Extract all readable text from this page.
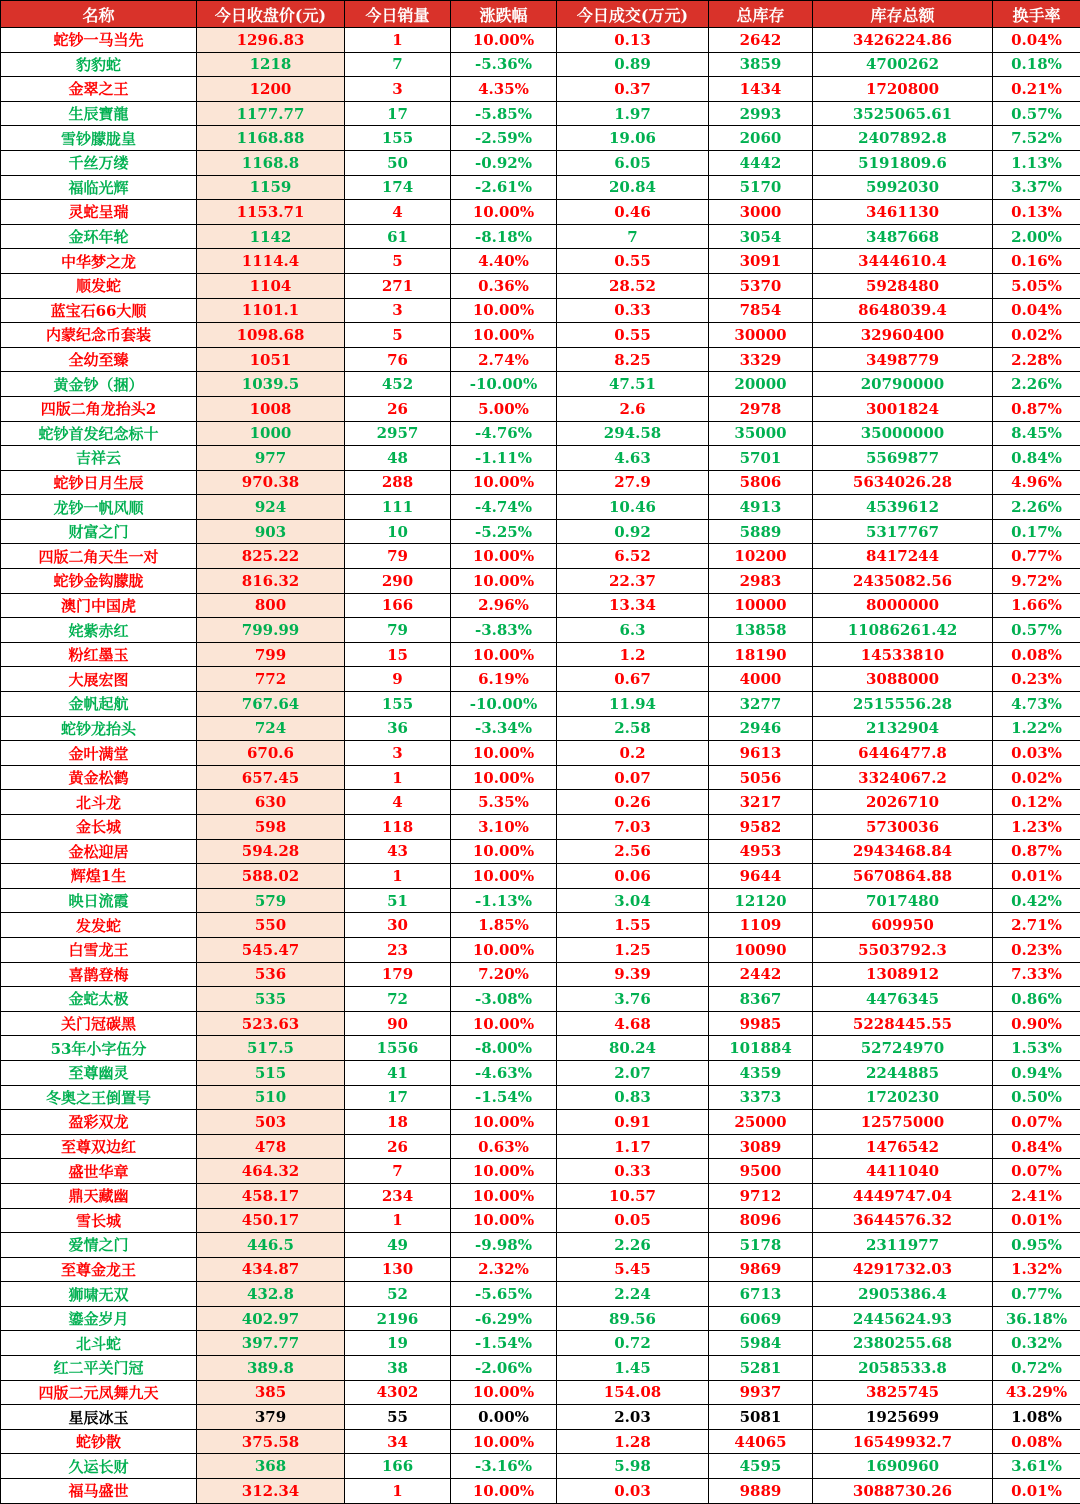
名称	今日收盘价(元)	今日销量	涨跌幅	今日成交(万元)	总库存	库存总额	换手率
蛇钞一马当先	1296.83	1	10.00%	0.13	2642	3426224.86	0.04%
豹豹蛇	1218	7	-5.36%	0.89	3859	4700262	0.18%
金翠之王	1200	3	4.35%	0.37	1434	1720800	0.21%
生辰寶龍	1177.77	17	-5.85%	1.97	2993	3525065.61	0.57%
雪钞朦胧皇	1168.88	155	-2.59%	19.06	2060	2407892.8	7.52%
千丝万缕	1168.8	50	-0.92%	6.05	4442	5191809.6	1.13%
福临光辉	1159	174	-2.61%	20.84	5170	5992030	3.37%
灵蛇呈瑞	1153.71	4	10.00%	0.46	3000	3461130	0.13%
金环年轮	1142	61	-8.18%	7	3054	3487668	2.00%
中华梦之龙	1114.4	5	4.40%	0.55	3091	3444610.4	0.16%
顺发蛇	1104	271	0.36%	28.52	5370	5928480	5.05%
蓝宝石66大顺	1101.1	3	10.00%	0.33	7854	8648039.4	0.04%
内蒙纪念币套装	1098.68	5	10.00%	0.55	30000	32960400	0.02%
全幼至臻	1051	76	2.74%	8.25	3329	3498779	2.28%
黄金钞（捆）	1039.5	452	-10.00%	47.51	20000	20790000	2.26%
四版二角龙抬头2	1008	26	5.00%	2.6	2978	3001824	0.87%
蛇钞首发纪念标十	1000	2957	-4.76%	294.58	35000	35000000	8.45%
吉祥云	977	48	-1.11%	4.63	5701	5569877	0.84%
蛇钞日月生辰	970.38	288	10.00%	27.9	5806	5634026.28	4.96%
龙钞一帆风顺	924	111	-4.74%	10.46	4913	4539612	2.26%
财富之门	903	10	-5.25%	0.92	5889	5317767	0.17%
四版二角天生一对	825.22	79	10.00%	6.52	10200	8417244	0.77%
蛇钞金钩朦胧	816.32	290	10.00%	22.37	2983	2435082.56	9.72%
澳门中国虎	800	166	2.96%	13.34	10000	8000000	1.66%
姹紫赤红	799.99	79	-3.83%	6.3	13858	11086261.42	0.57%
粉红墨玉	799	15	10.00%	1.2	18190	14533810	0.08%
大展宏图	772	9	6.19%	0.67	4000	3088000	0.23%
金帆起航	767.64	155	-10.00%	11.94	3277	2515556.28	4.73%
蛇钞龙抬头	724	36	-3.34%	2.58	2946	2132904	1.22%
金叶满堂	670.6	3	10.00%	0.2	9613	6446477.8	0.03%
黄金松鹤	657.45	1	10.00%	0.07	5056	3324067.2	0.02%
北斗龙	630	4	5.35%	0.26	3217	2026710	0.12%
金长城	598	118	3.10%	7.03	9582	5730036	1.23%
金松迎居	594.28	43	10.00%	2.56	4953	2943468.84	0.87%
辉煌1生	588.02	1	10.00%	0.06	9644	5670864.88	0.01%
映日流霞	579	51	-1.13%	3.04	12120	7017480	0.42%
发发蛇	550	30	1.85%	1.55	1109	609950	2.71%
白雪龙王	545.47	23	10.00%	1.25	10090	5503792.3	0.23%
喜鹊登梅	536	179	7.20%	9.39	2442	1308912	7.33%
金蛇太极	535	72	-3.08%	3.76	8367	4476345	0.86%
关门冠碳黑	523.63	90	10.00%	4.68	9985	5228445.55	0.90%
53年小字伍分	517.5	1556	-8.00%	80.24	101884	52724970	1.53%
至尊幽灵	515	41	-4.63%	2.07	4359	2244885	0.94%
冬奥之王倒置号	510	17	-1.54%	0.83	3373	1720230	0.50%
盈彩双龙	503	18	10.00%	0.91	25000	12575000	0.07%
至尊双边红	478	26	0.63%	1.17	3089	1476542	0.84%
盛世华章	464.32	7	10.00%	0.33	9500	4411040	0.07%
鼎天藏幽	458.17	234	10.00%	10.57	9712	4449747.04	2.41%
雪长城	450.17	1	10.00%	0.05	8096	3644576.32	0.01%
爱情之门	446.5	49	-9.98%	2.26	5178	2311977	0.95%
至尊金龙王	434.87	130	2.32%	5.45	9869	4291732.03	1.32%
狮啸无双	432.8	52	-5.65%	2.24	6713	2905386.4	0.77%
鎏金岁月	402.97	2196	-6.29%	89.56	6069	2445624.93	36.18%
北斗蛇	397.77	19	-1.54%	0.72	5984	2380255.68	0.32%
红二平关门冠	389.8	38	-2.06%	1.45	5281	2058533.8	0.72%
四版二元凤舞九天	385	4302	10.00%	154.08	9937	3825745	43.29%
星辰冰玉	379	55	0.00%	2.03	5081	1925699	1.08%
蛇钞散	375.58	34	10.00%	1.28	44065	16549932.7	0.08%
久运长财	368	166	-3.16%	5.98	4595	1690960	3.61%
福马盛世	312.34	1	10.00%	0.03	9889	3088730.26	0.01%
